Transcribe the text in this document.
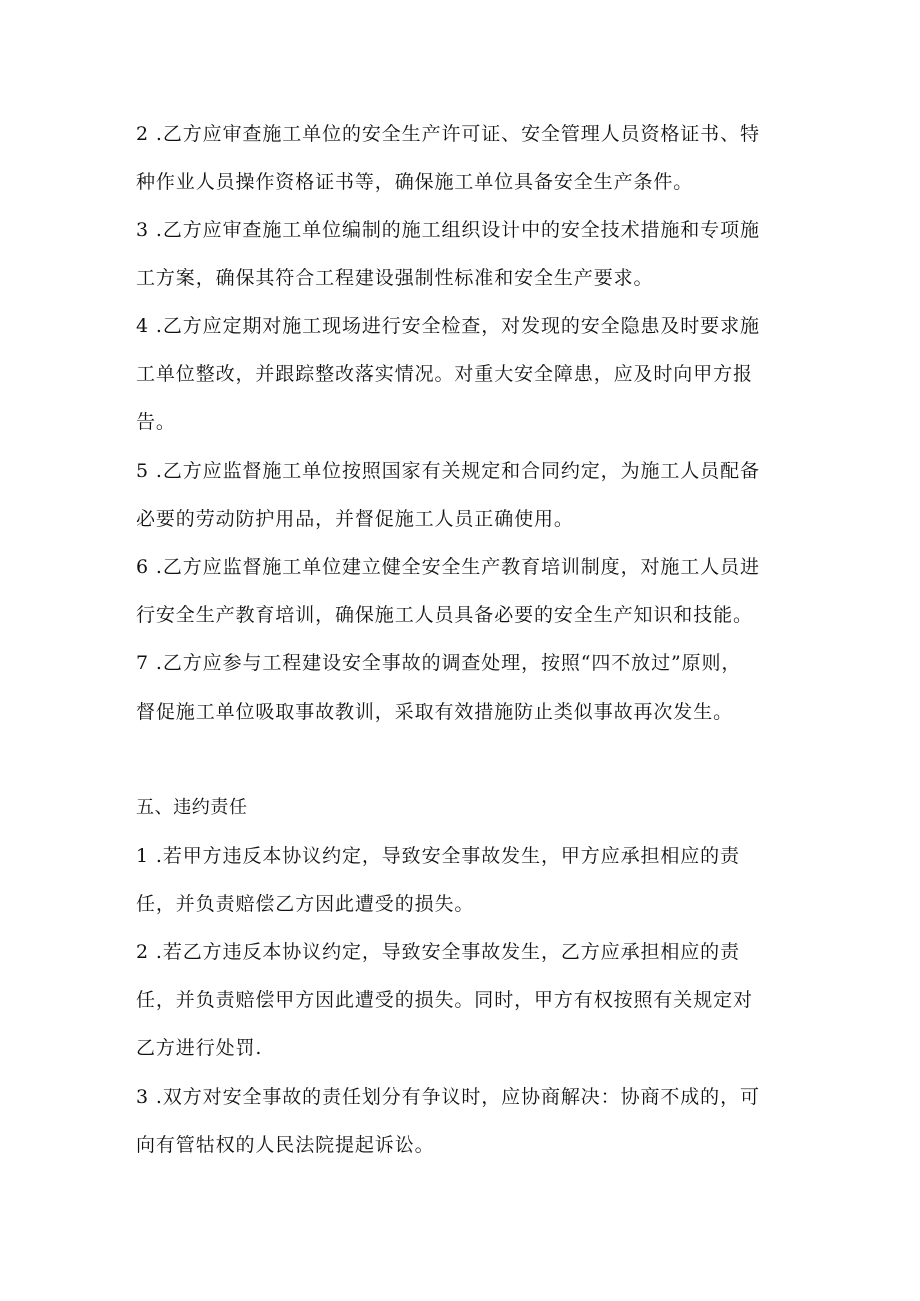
2 .乙方应审查施工单位的安全生产许可证、安全管理人员资格证书、特
种作业人员操作资格证书等，确保施工单位具备安全生产条件。
3 .乙方应审查施工单位编制的施工组织设计中的安全技术措施和专项施
工方案，确保其符合工程建设强制性标准和安全生产要求。
4 .乙方应定期对施工现场进行安全检查，对发现的安全隐患及时要求施
工单位整改，并跟踪整改落实情况。对重大安全障患，应及时向甲方报
告。
5 .乙方应监督施工单位按照国家有关规定和合同约定，为施工人员配备
必要的劳动防护用品，并督促施工人员正确使用。
6 .乙方应监督施工单位建立健全安全生产教育培训制度，对施工人员进
行安全生产教育培训，确保施工人员具备必要的安全生产知识和技能。
7 .乙方应参与工程建设安全事故的调查处理，按照“四不放过”原则，
督促施工单位吸取事故教训，采取有效措施防止类似事故再次发生。
五、违约责任
1 .若甲方违反本协议约定，导致安全事故发生，甲方应承担相应的责
任，并负责赔偿乙方因此遭受的损失。
2 .若乙方违反本协议约定，导致安全事故发生，乙方应承担相应的责
任，并负责赔偿甲方因此遭受的损失。同时，甲方有权按照有关规定对
乙方进行处罚.
3 .双方对安全事故的责任划分有争议时，应协商解决：协商不成的，可
向有管牯权的人民法院提起诉讼。
